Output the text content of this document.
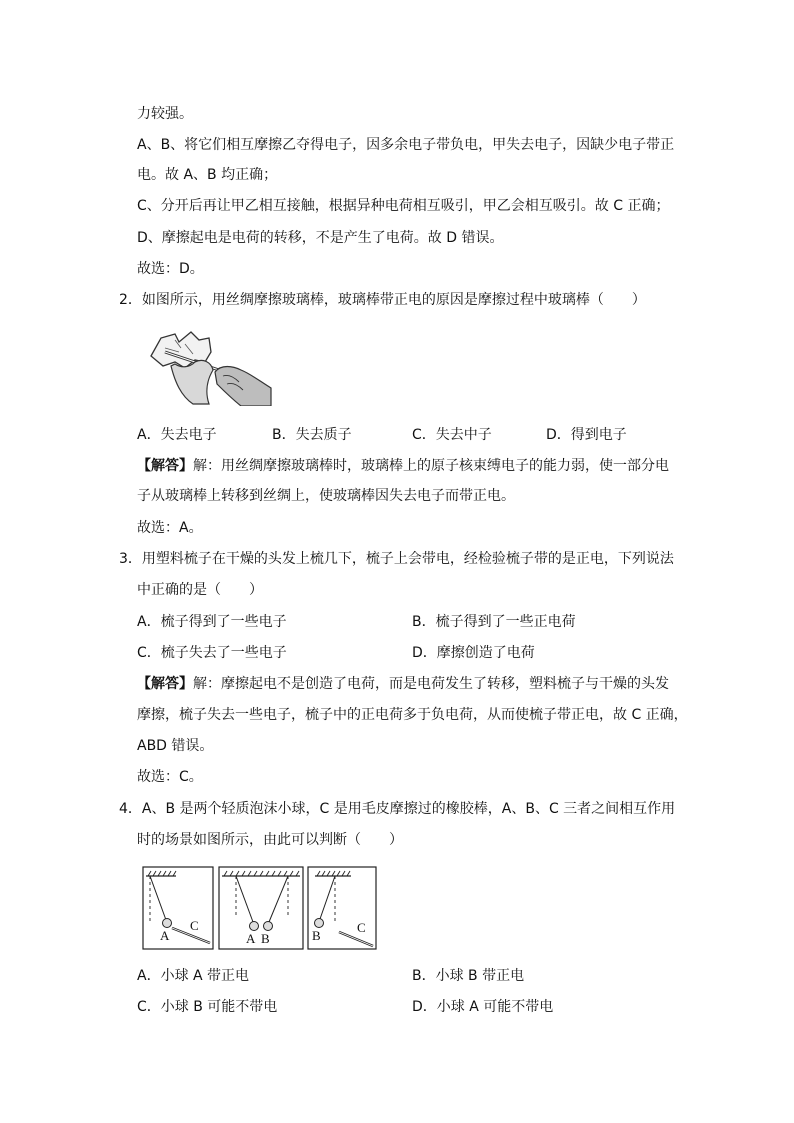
力较强。
A、B、将它们相互摩擦乙夺得电子，因多余电子带负电，甲失去电子，因缺少电子带正
电。故 A、B 均正确；
C、分开后再让甲乙相互接触，根据异种电荷相互吸引，甲乙会相互吸引。故 C 正确；
D、摩擦起电是电荷的转移，不是产生了电荷。故 D 错误。
故选：D。
2．如图所示，用丝绸摩擦玻璃棒，玻璃棒带正电的原因是摩擦过程中玻璃棒（　　）
A．失去电子	B．失去质子	C．失去中子	D．得到电子
【解答】解：用丝绸摩擦玻璃棒时，玻璃棒上的原子核束缚电子的能力弱，使一部分电
子从玻璃棒上转移到丝绸上，使玻璃棒因失去电子而带正电。
故选：A。
3．用塑料梳子在干燥的头发上梳几下，梳子上会带电，经检验梳子带的是正电，下列说法
中正确的是（　　）
A．梳子得到了一些电子	B．梳子得到了一些正电荷
C．梳子失去了一些电子	D．摩擦创造了电荷
【解答】解：摩擦起电不是创造了电荷，而是电荷发生了转移，塑料梳子与干燥的头发
摩擦，梳子失去一些电子，梳子中的正电荷多于负电荷，从而使梳子带正电，故 C 正确，
ABD 错误。
故选：C。
4．A、B 是两个轻质泡沫小球，C 是用毛皮摩擦过的橡胶棒，A、B、C 三者之间相互作用
时的场景如图所示，由此可以判断（　　）
A
C
A B	B
C
A．小球 A 带正电	B．小球 B 带正电
C．小球 B 可能不带电	D．小球 A 可能不带电
